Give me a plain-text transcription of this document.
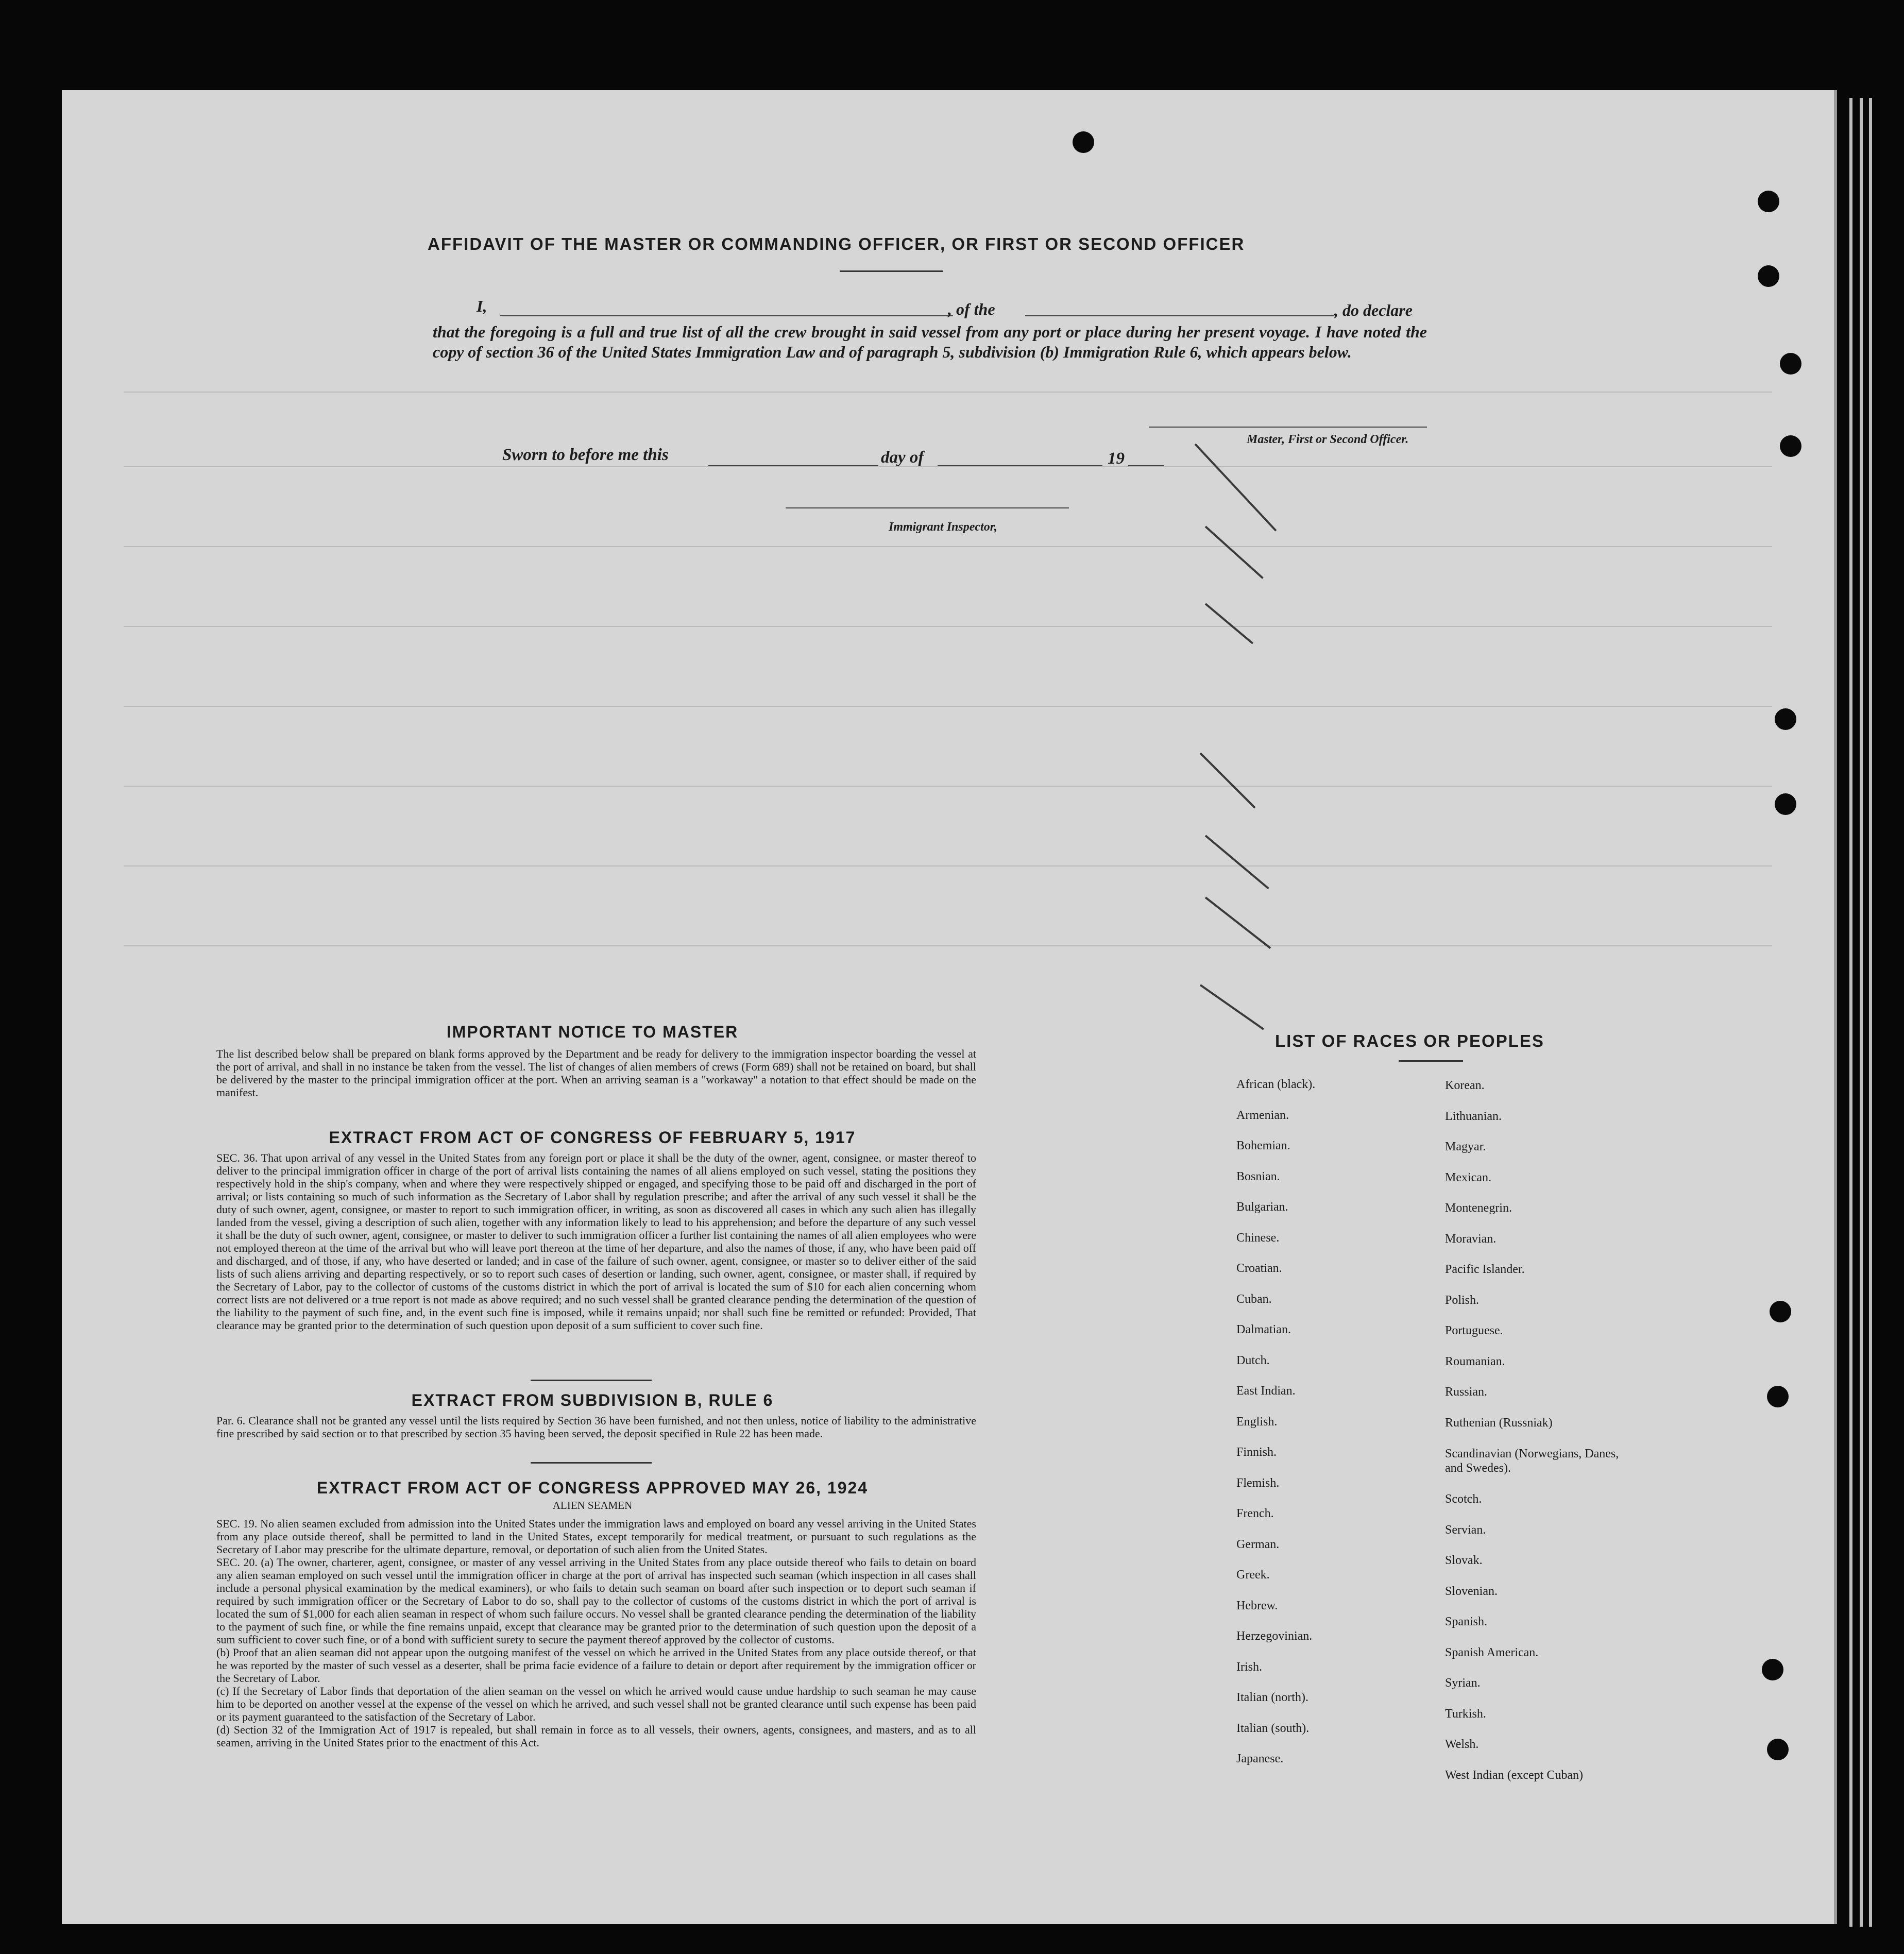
AFFIDAVIT OF THE MASTER OR COMMANDING OFFICER, OR FIRST OR SECOND OFFICER
I,	, of the	, do declare
that the foregoing is a full and true list of all the crew brought in said vessel from any port or place during her present voyage. I have noted the copy of section 36 of the United States Immigration Law and of paragraph 5, subdivision (b) Immigration Rule 6, which appears below.
Master, First or Second Officer.
Sworn to before me this	day of	19
Immigrant Inspector,
IMPORTANT NOTICE TO MASTER
The list described below shall be prepared on blank forms approved by the Department and be ready for delivery to the immigration inspector boarding the vessel at the port of arrival, and shall in no instance be taken from the vessel. The list of changes of alien members of crews (Form 689) shall not be retained on board, but shall be delivered by the master to the principal immigration officer at the port. When an arriving seaman is a "workaway" a notation to that effect should be made on the manifest.
EXTRACT FROM ACT OF CONGRESS OF FEBRUARY 5, 1917
SEC. 36. That upon arrival of any vessel in the United States from any foreign port or place it shall be the duty of the owner, agent, consignee, or master thereof to deliver to the principal immigration officer in charge of the port of arrival lists containing the names of all aliens employed on such vessel, stating the positions they respectively hold in the ship's company, when and where they were respectively shipped or engaged, and specifying those to be paid off and discharged in the port of arrival; or lists containing so much of such information as the Secretary of Labor shall by regulation prescribe; and after the arrival of any such vessel it shall be the duty of such owner, agent, consignee, or master to report to such immigration officer, in writing, as soon as discovered all cases in which any such alien has illegally landed from the vessel, giving a description of such alien, together with any information likely to lead to his apprehension; and before the departure of any such vessel it shall be the duty of such owner, agent, consignee, or master to deliver to such immigration officer a further list containing the names of all alien employees who were not employed thereon at the time of the arrival but who will leave port thereon at the time of her departure, and also the names of those, if any, who have been paid off and discharged, and of those, if any, who have deserted or landed; and in case of the failure of such owner, agent, consignee, or master so to deliver either of the said lists of such aliens arriving and departing respectively, or so to report such cases of desertion or landing, such owner, agent, consignee, or master shall, if required by the Secretary of Labor, pay to the collector of customs of the customs district in which the port of arrival is located the sum of $10 for each alien concerning whom correct lists are not delivered or a true report is not made as above required; and no such vessel shall be granted clearance pending the determination of the question of the liability to the payment of such fine, and, in the event such fine is imposed, while it remains unpaid; nor shall such fine be remitted or refunded: Provided, That clearance may be granted prior to the determination of such question upon deposit of a sum sufficient to cover such fine.
EXTRACT FROM SUBDIVISION B, RULE 6
Par. 6. Clearance shall not be granted any vessel until the lists required by Section 36 have been furnished, and not then unless, notice of liability to the administrative fine prescribed by said section or to that prescribed by section 35 having been served, the deposit specified in Rule 22 has been made.
EXTRACT FROM ACT OF CONGRESS APPROVED MAY 26, 1924
ALIEN SEAMEN
SEC. 19. No alien seamen excluded from admission into the United States under the immigration laws and employed on board any vessel arriving in the United States from any place outside thereof, shall be permitted to land in the United States, except temporarily for medical treatment, or pursuant to such regulations as the Secretary of Labor may prescribe for the ultimate departure, removal, or deportation of such alien from the United States.
SEC. 20. (a) The owner, charterer, agent, consignee, or master of any vessel arriving in the United States from any place outside thereof who fails to detain on board any alien seaman employed on such vessel until the immigration officer in charge at the port of arrival has inspected such seaman (which inspection in all cases shall include a personal physical examination by the medical examiners), or who fails to detain such seaman on board after such inspection or to deport such seaman if required by such immigration officer or the Secretary of Labor to do so, shall pay to the collector of customs of the customs district in which the port of arrival is located the sum of $1,000 for each alien seaman in respect of whom such failure occurs. No vessel shall be granted clearance pending the determination of the liability to the payment of such fine, or while the fine remains unpaid, except that clearance may be granted prior to the determination of such question upon the deposit of a sum sufficient to cover such fine, or of a bond with sufficient surety to secure the payment thereof approved by the collector of customs.
(b) Proof that an alien seaman did not appear upon the outgoing manifest of the vessel on which he arrived in the United States from any place outside thereof, or that he was reported by the master of such vessel as a deserter, shall be prima facie evidence of a failure to detain or deport after requirement by the immigration officer or the Secretary of Labor.
(c) If the Secretary of Labor finds that deportation of the alien seaman on the vessel on which he arrived would cause undue hardship to such seaman he may cause him to be deported on another vessel at the expense of the vessel on which he arrived, and such vessel shall not be granted clearance until such expense has been paid or its payment guaranteed to the satisfaction of the Secretary of Labor.
(d) Section 32 of the Immigration Act of 1917 is repealed, but shall remain in force as to all vessels, their owners, agents, consignees, and masters, and as to all seamen, arriving in the United States prior to the enactment of this Act.
LIST OF RACES OR PEOPLES
African (black).
Armenian.
Bohemian.
Bosnian.
Bulgarian.
Chinese.
Croatian.
Cuban.
Dalmatian.
Dutch.
East Indian.
English.
Finnish.
Flemish.
French.
German.
Greek.
Hebrew.
Herzegovinian.
Irish.
Italian (north).
Italian (south).
Japanese.
Korean.
Lithuanian.
Magyar.
Mexican.
Montenegrin.
Moravian.
Pacific Islander.
Polish.
Portuguese.
Roumanian.
Russian.
Ruthenian (Russniak)
Scandinavian (Norwegians, Danes, and Swedes).
Scotch.
Servian.
Slovak.
Slovenian.
Spanish.
Spanish American.
Syrian.
Turkish.
Welsh.
West Indian (except Cuban)
